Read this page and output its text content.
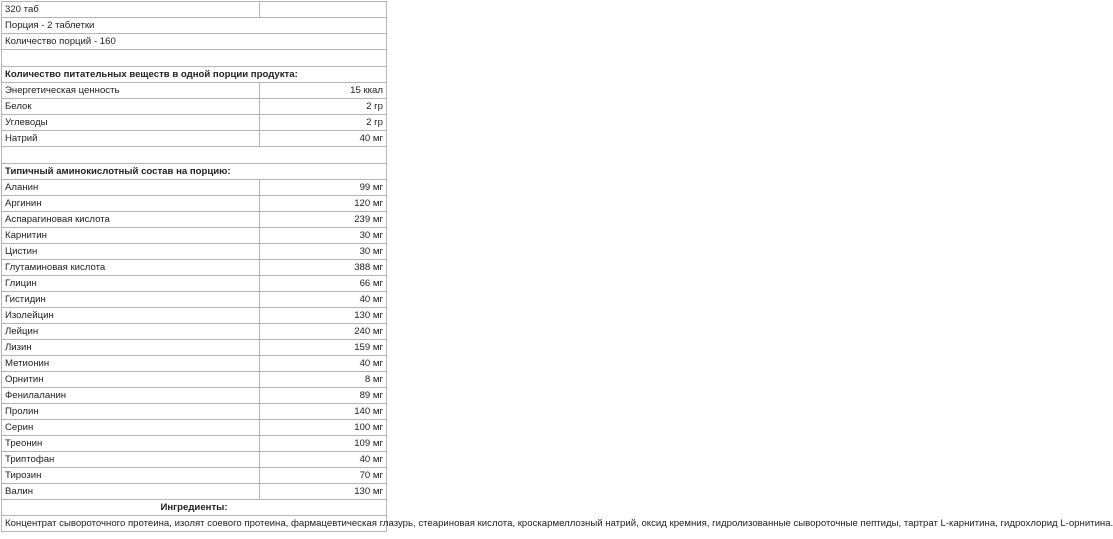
320 таб	
Порция - 2 таблетки	
Количество порций - 160	

Количество питательных веществ в одной порции продукта:	
Энергетическая ценность	15 ккал
Белок	2 гр
Углеводы	2 гр
Натрий	40 мг

Типичный аминокислотный состав на порцию:	
Аланин	99 мг
Аргинин	120 мг
Аспарагиновая кислота	239 мг
Карнитин	30 мг
Цистин	30 мг
Глутаминовая кислота	388 мг
Глицин	66 мг
Гистидин	40 мг
Изолейцин	130 мг
Лейцин	240 мг
Лизин	159 мг
Метионин	40 мг
Орнитин	8 мг
Фенилаланин	89 мг
Пролин	140 мг
Серин	100 мг
Треонин	109 мг
Триптофан	40 мг
Тирозин	70 мг
Валин	130 мг
Ингредиенты:	
Концентрат сывороточного протеина, изолят соевого протеина, фармацевтическая глазурь, стеариновая кислота, кроскармеллозный натрий, оксид кремния, гидролизованные сывороточные пептиды, тартрат L-карнитина, гидрохлорид L-орнитина.	
